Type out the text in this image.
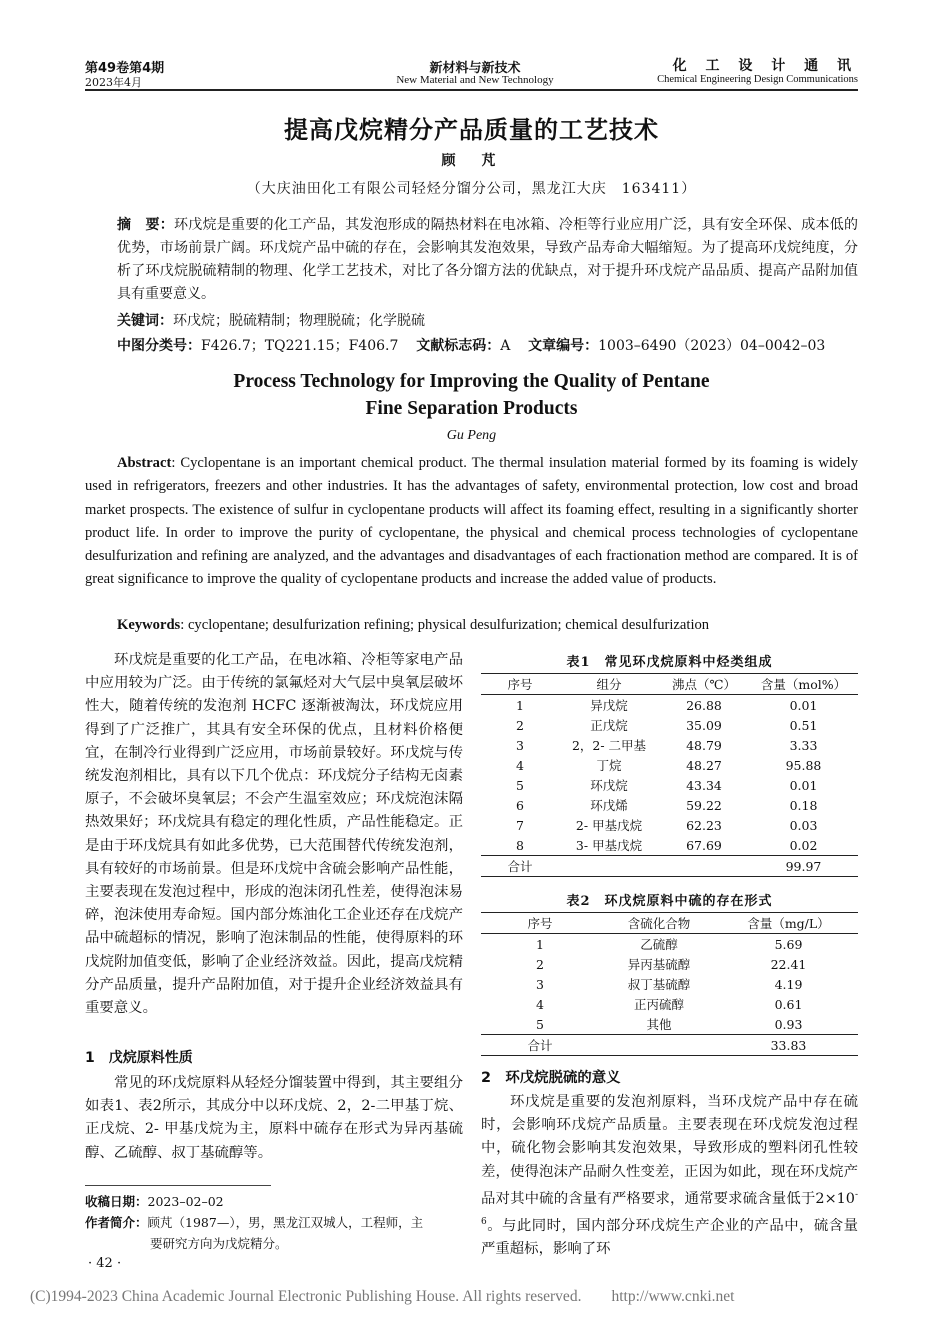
第49卷第4期
2023年4月
新材料与新技术
New Material and New Technology
化 工 设 计 通 讯
Chemical Engineering Design Communications
提高戊烷精分产品质量的工艺技术
顾　芃
（大庆油田化工有限公司轻烃分馏分公司，黑龙江大庆　163411）
摘　要：环戊烷是重要的化工产品，其发泡形成的隔热材料在电冰箱、冷柜等行业应用广泛，具有安全环保、成本低的优势，市场前景广阔。环戊烷产品中硫的存在，会影响其发泡效果，导致产品寿命大幅缩短。为了提高环戊烷纯度，分析了环戊烷脱硫精制的物理、化学工艺技术，对比了各分馏方法的优缺点，对于提升环戊烷产品品质、提高产品附加值具有重要意义。
关键词：环戊烷；脱硫精制；物理脱硫；化学脱硫
中图分类号：F426.7；TQ221.15；F406.7 文献标志码：A 文章编号：1003–6490（2023）04–0042–03
Process Technology for Improving the Quality of Pentane
Fine Separation Products
Gu Peng
Abstract: Cyclopentane is an important chemical product. The thermal insulation material formed by its foaming is widely used in refrigerators, freezers and other industries. It has the advantages of safety, environmental protection, low cost and broad market prospects. The existence of sulfur in cyclopentane products will affect its foaming effect, resulting in a significantly shorter product life. In order to improve the purity of cyclopentane, the physical and chemical process technologies of cyclopentane desulfurization and refining are analyzed, and the advantages and disadvantages of each fractionation method are compared. It is of great significance to improve the quality of cyclopentane products and increase the added value of products.
Keywords: cyclopentane; desulfurization refining; physical desulfurization; chemical desulfurization
环戊烷是重要的化工产品，在电冰箱、冷柜等家电产品中应用较为广泛。由于传统的氯氟烃对大气层中臭氧层破坏性大，随着传统的发泡剂 HCFC 逐渐被淘汰，环戊烷应用得到了广泛推广，其具有安全环保的优点，且材料价格便宜，在制冷行业得到广泛应用，市场前景较好。环戊烷与传统发泡剂相比，具有以下几个优点：环戊烷分子结构无卤素原子，不会破坏臭氧层；不会产生温室效应；环戊烷泡沫隔热效果好；环戊烷具有稳定的理化性质，产品性能稳定。正是由于环戊烷具有如此多优势，已大范围替代传统发泡剂，具有较好的市场前景。但是环戊烷中含硫会影响产品性能，主要表现在发泡过程中，形成的泡沫闭孔性差，使得泡沫易碎，泡沫使用寿命短。国内部分炼油化工企业还存在戊烷产品中硫超标的情况，影响了泡沫制品的性能，使得原料的环戊烷附加值变低，影响了企业经济效益。因此，提高戊烷精分产品质量，提升产品附加值，对于提升企业经济效益具有重要意义。
1　戊烷原料性质
常见的环戊烷原料从轻烃分馏装置中得到，其主要组分如表1、表2所示，其成分中以环戊烷、2，2-二甲基丁烷、正戊烷、2- 甲基戊烷为主，原料中硫存在形式为异丙基硫醇、乙硫醇、叔丁基硫醇等。
表1　常见环戊烷原料中烃类组成
序号	组分	沸点（℃）	含量（mol%）
1	异戊烷	26.88	0.01
2	正戊烷	35.09	0.51
3	2，2- 二甲基	48.79	3.33
4	丁烷	48.27	95.88
5	环戊烷	43.34	0.01
6	环戊烯	59.22	0.18
7	2- 甲基戊烷	62.23	0.03
8	3- 甲基戊烷	67.69	0.02
合计			99.97
表2　环戊烷原料中硫的存在形式
序号	含硫化合物	含量（mg/L）
1	乙硫醇	5.69
2	异丙基硫醇	22.41
3	叔丁基硫醇	4.19
4	正丙硫醇	0.61
5	其他	0.93
合计		33.83
2　环戊烷脱硫的意义
环戊烷是重要的发泡剂原料，当环戊烷产品中存在硫时，会影响环戊烷产品质量。主要表现在环戊烷发泡过程中，硫化物会影响其发泡效果，导致形成的塑料闭孔性较差，使得泡沫产品耐久性变差，正因为如此，现在环戊烷产品对其中硫的含量有严格要求，通常要求硫含量低于$2\times 10^{-6}$。与此同时，国内部分环戊烷生产企业的产品中，硫含量严重超标，影响了环
收稿日期：2023–02–02
作者简介：顾芃（1987—），男，黑龙江双城人，工程师，主
要研究方向为戊烷精分。
· 42 ·
(C)1994-2023 China Academic Journal Electronic Publishing House. All rights reserved. http://www.cnki.net
